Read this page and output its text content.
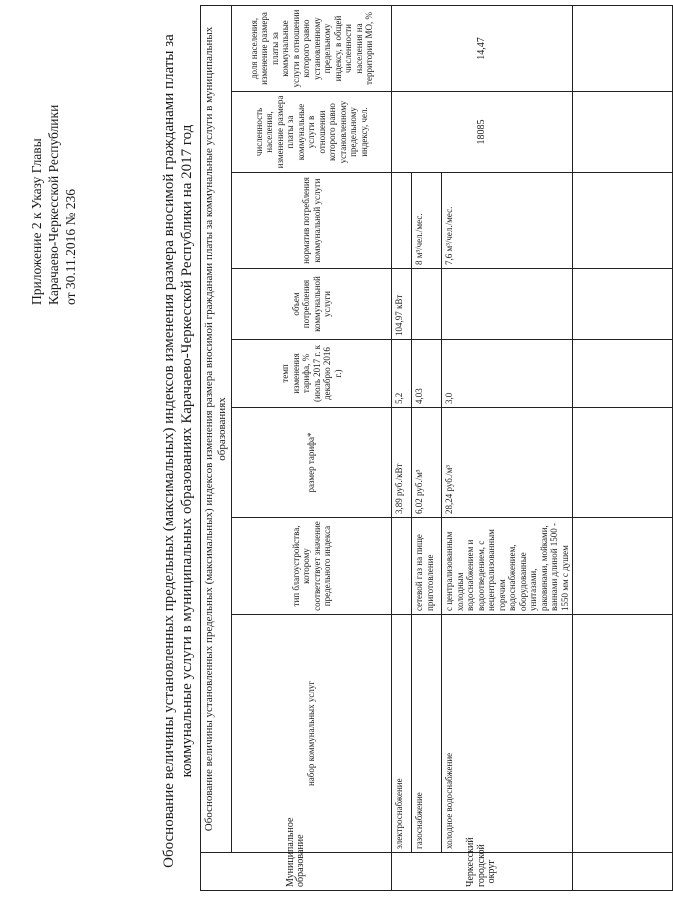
Приложение 2 к Указу Главы Карачаево-Черкесской Республики от 30.11.2016 № 236	Обоснование величины установленных предельных (максимальных) индексов изменения размера вносимой гражданами платы за коммунальные услуги в муниципальных образованиях Карачаево-Черкесской Республики на 2017 год
Муниципальное образование	Обоснование величины установленных предельных (максимальных) индексов изменения размера вносимой гражданами платы за коммунальные услуги в муниципальных образованиях							
	набор коммунальных услуг	тип благоустройства, которому соответствует значение предельного индекса	размер тарифа*	темп изменения тарифа, % (июль 2017 г. к декабрю 2016 г.)	объем потребления коммунальной услуги	норматив потребления коммунальной услуги	численность населения, изменение размера платы за коммунальные услуги в отношении которого равно установленному предельному индексу, чел.	доля населения, изменение размера платы за коммунальные услуги в отношении которого равно установленному предельному индексу, в общей численности населения на территории МО, %
Черкесский городской округ	электроснабжение		3,89 руб./кВт	5,2	104,97 кВт		18085	14,47
	газоснабжение	сетевой газ на пище приготовление	6,02 руб./м³	4,03		8 м³/чел./мес.		
	холодное водоснабжение	с централизованным холодным водоснабжением и водоотведением, с нецентрализованным горячим водоснабжением, оборудованные унитазами, раковинами, мойками, ваннами длиной 1500 - 1550 мм с душем	28,24 руб./м³	3,0		7,6 м³/чел./мес.		
